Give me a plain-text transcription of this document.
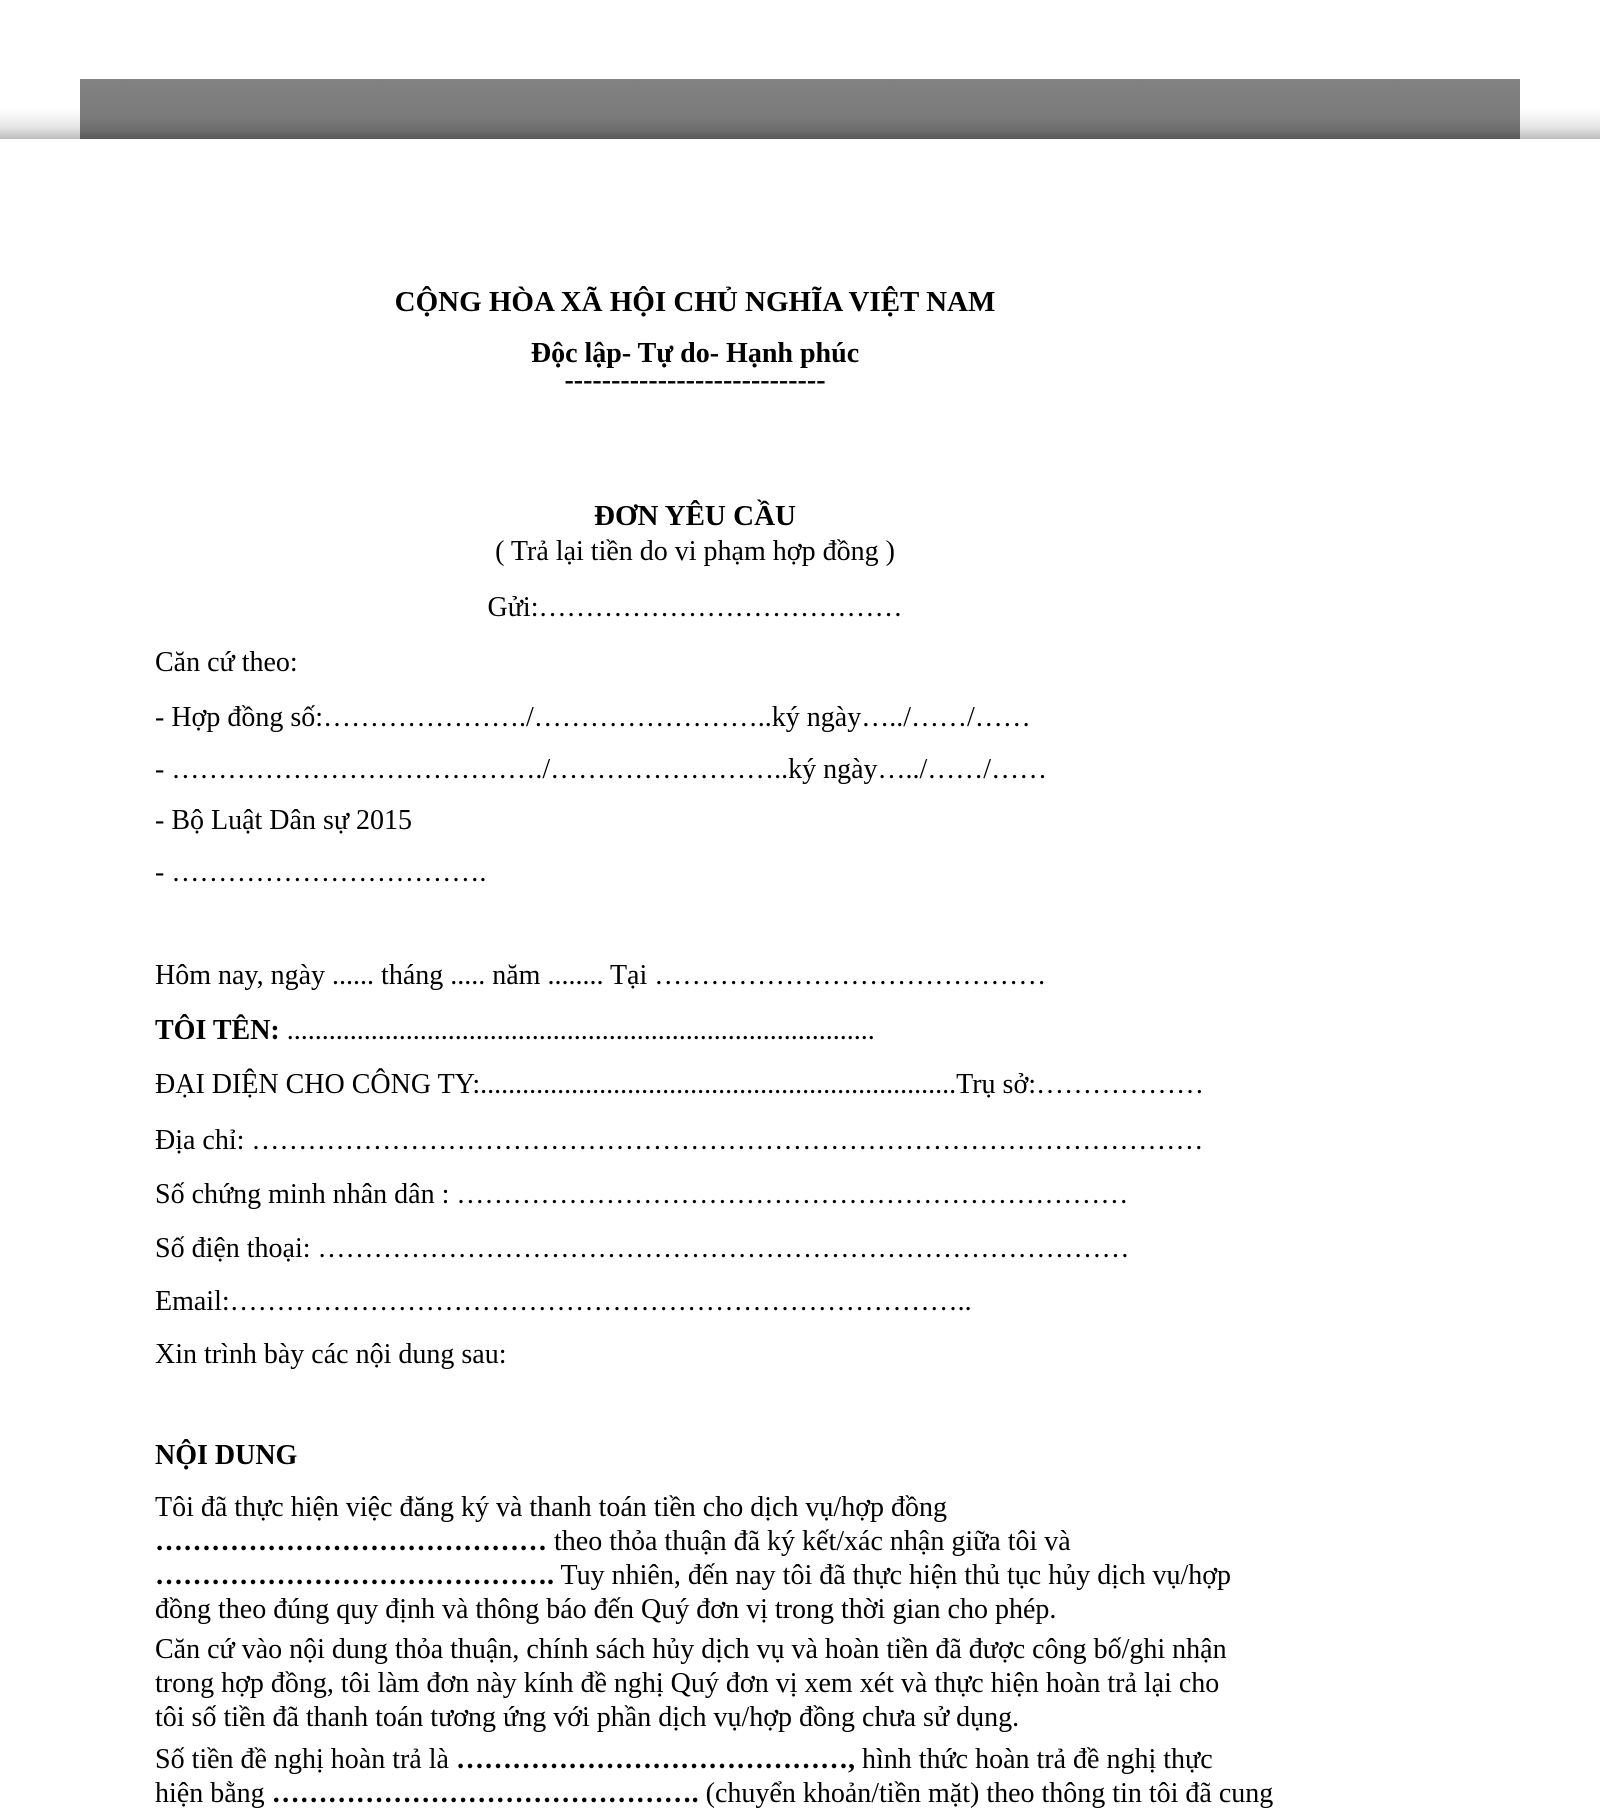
CỘNG HÒA XÃ HỘI CHỦ NGHĨA VIỆT NAM
Độc lập- Tự do- Hạnh phúc
----------------------------
ĐƠN YÊU CẦU
( Trả lại tiền do vi phạm hợp đồng )
Gửi:…………………………………
Căn cứ theo:
- Hợp đồng số:…………………./……………………..ký ngày…../……/……
- …………………………………./……………………..ký ngày…../……/……
- Bộ Luật Dân sự 2015
- …………………………….
Hôm nay, ngày ...... tháng ..... năm ........ Tại ……………………………………
TÔI TÊN: ....................................................................................
ĐẠI DIỆN CHO CÔNG TY:....................................................................Trụ sở:………………
Địa chỉ: …………………………………………………………………………………………
Số chứng minh nhân dân : ………………………………………………………………
Số điện thoại: ……………………………………………………………………………
Email:……………………………………………………………………..
Xin trình bày các nội dung sau:
NỘI DUNG
Tôi đã thực hiện việc đăng ký và thanh toán tiền cho dịch vụ/hợp đồng
…………………………………… theo thỏa thuận đã ký kết/xác nhận giữa tôi và
……………………………………. Tuy nhiên, đến nay tôi đã thực hiện thủ tục hủy dịch vụ/hợp
đồng theo đúng quy định và thông báo đến Quý đơn vị trong thời gian cho phép.
Căn cứ vào nội dung thỏa thuận, chính sách hủy dịch vụ và hoàn tiền đã được công bố/ghi nhận
trong hợp đồng, tôi làm đơn này kính đề nghị Quý đơn vị xem xét và thực hiện hoàn trả lại cho
tôi số tiền đã thanh toán tương ứng với phần dịch vụ/hợp đồng chưa sử dụng.
Số tiền đề nghị hoàn trả là ……………………………………, hình thức hoàn trả đề nghị thực
hiện bằng ………………………………………. (chuyển khoản/tiền mặt) theo thông tin tôi đã cung
